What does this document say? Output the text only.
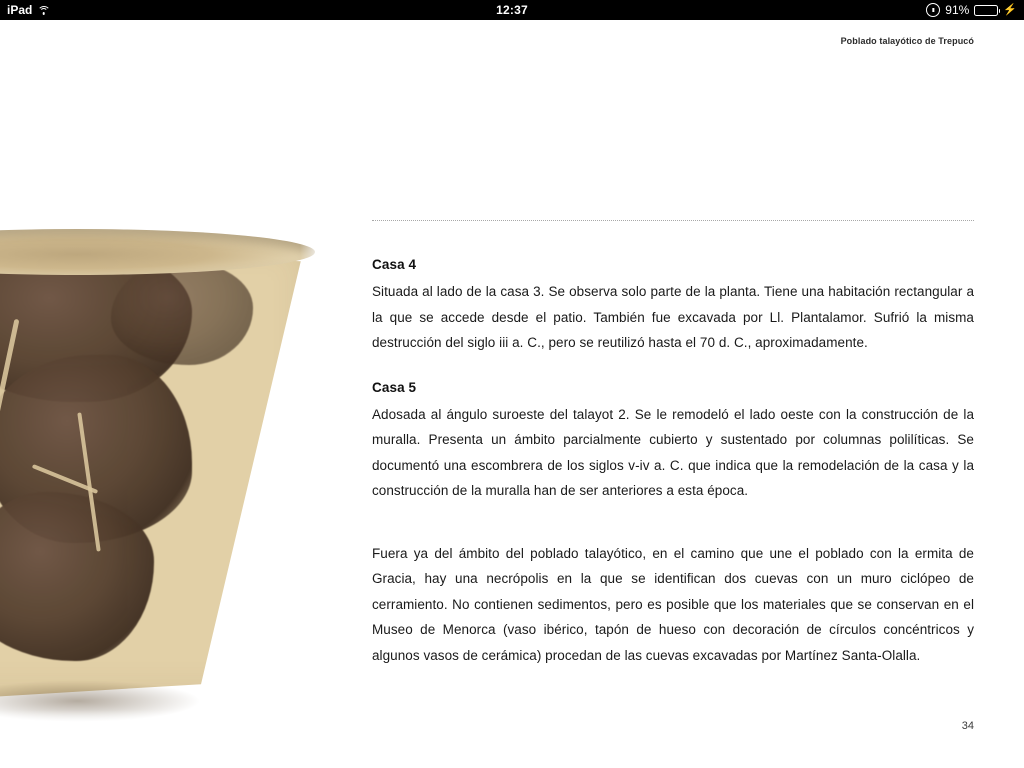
iPad	12:37	91%	⚡
Poblado talayótico de Trepucó
Casa 4

Situada al lado de la casa 3. Se observa solo parte de la planta. Tiene una habitación rectangular a la que se accede desde el patio. También fue excavada por Ll. Plantalamor. Sufrió la misma destrucción del siglo iii a. C., pero se reutilizó hasta el 70 d. C., aproximadamente.

Casa 5

Adosada al ángulo suroeste del talayot 2. Se le remodeló el lado oeste con la construcción de la muralla. Presenta un ámbito parcialmente cubierto y sustentado por columnas polilíticas. Se documentó una escombrera de los siglos v-iv a. C. que indica que la remodelación de la casa y la construcción de la muralla han de ser anteriores a esta época.

Fuera ya del ámbito del poblado talayótico, en el camino que une el poblado con la ermita de Gracia, hay una necrópolis en la que se identifican dos cuevas con un muro ciclópeo de cerramiento. No contienen sedimentos, pero es posible que los materiales que se conservan en el Museo de Menorca (vaso ibérico, tapón de hueso con decoración de círculos concéntricos y algunos vasos de cerámica) procedan de las cuevas excavadas por Martínez Santa-Olalla.

34
